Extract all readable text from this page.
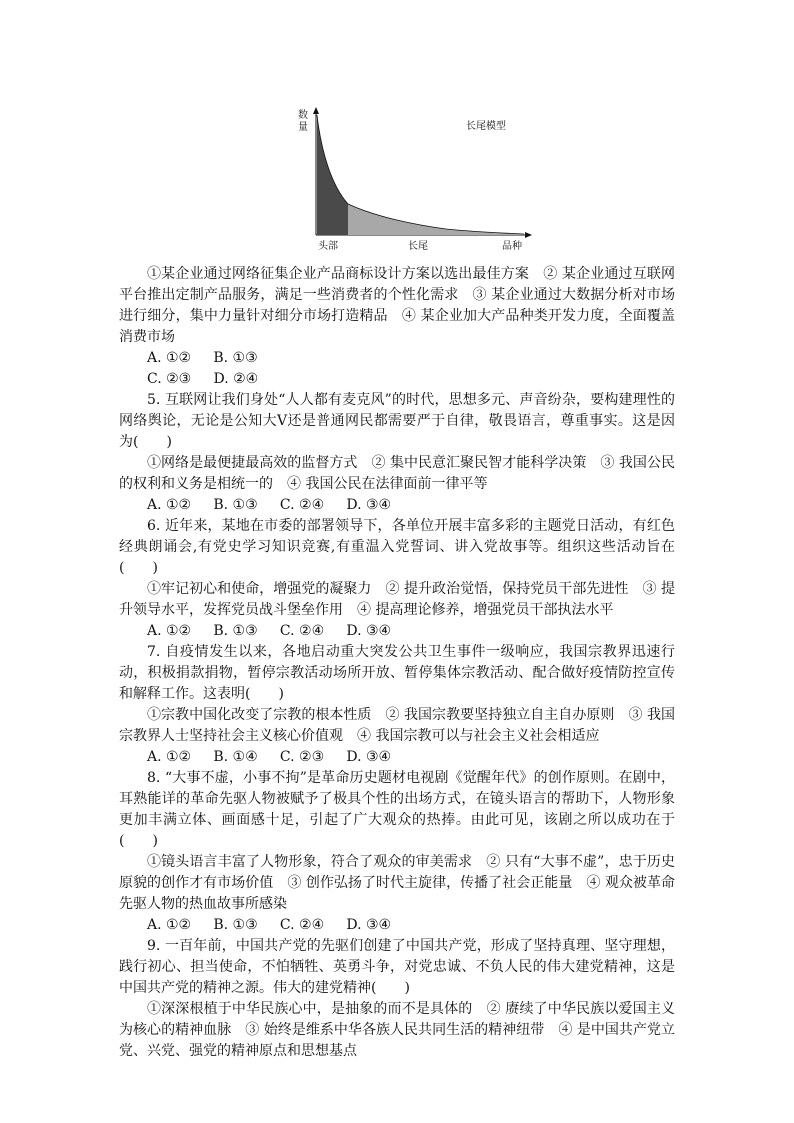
数
量	长尾模型
头部	长尾	品种

①某企业通过网络征集企业产品商标设计方案以选出最佳方案　② 某企业通过互联网平台推出定制产品服务，满足一些消费者的个性化需求　③ 某企业通过大数据分析对市场进行细分，集中力量针对细分市场打造精品　④ 某企业加大产品种类开发力度，全面覆盖消费市场

A. ①②     B. ①③

C. ②③     D. ②④

5. 互联网让我们身处“人人都有麦克风”的时代，思想多元、声音纷杂，要构建理性的网络舆论，无论是公知大V还是普通网民都需要严于自律，敬畏语言，尊重事实。这是因为(　　)

①网络是最便捷最高效的监督方式　② 集中民意汇聚民智才能科学决策　③ 我国公民的权利和义务是相统一的　④ 我国公民在法律面前一律平等

A. ①②     B. ①③     C. ②④     D. ③④

6. 近年来，某地在市委的部署领导下，各单位开展丰富多彩的主题党日活动，有红色经典朗诵会,有党史学习知识竞赛,有重温入党誓词、讲入党故事等。组织这些活动旨在(　　)

①牢记初心和使命，增强党的凝聚力　② 提升政治觉悟，保持党员干部先进性　③ 提升领导水平，发挥党员战斗堡垒作用　④ 提高理论修养，增强党员干部执法水平

A. ①②     B. ①③     C. ②④     D. ③④

7. 自疫情发生以来，各地启动重大突发公共卫生事件一级响应，我国宗教界迅速行动，积极捐款捐物，暂停宗教活动场所开放、暂停集体宗教活动、配合做好疫情防控宣传和解释工作。这表明(　　)

①宗教中国化改变了宗教的根本性质　② 我国宗教要坚持独立自主自办原则　③ 我国宗教界人士坚持社会主义核心价值观　④ 我国宗教可以与社会主义社会相适应

A. ①②     B. ①④     C. ②③     D. ③④

8. “大事不虚，小事不拘”是革命历史题材电视剧《觉醒年代》的创作原则。在剧中，耳熟能详的革命先驱人物被赋予了极具个性的出场方式，在镜头语言的帮助下，人物形象更加丰满立体、画面感十足，引起了广大观众的热捧。由此可见，该剧之所以成功在于(　　)

①镜头语言丰富了人物形象，符合了观众的审美需求　② 只有“大事不虚”，忠于历史原貌的创作才有市场价值　③ 创作弘扬了时代主旋律，传播了社会正能量　④ 观众被革命先驱人物的热血故事所感染

A. ①②     B. ①③     C. ②④     D. ③④

9. 一百年前，中国共产党的先驱们创建了中国共产党，形成了坚持真理、坚守理想，践行初心、担当使命，不怕牺牲、英勇斗争，对党忠诚、不负人民的伟大建党精神，这是中国共产党的精神之源。伟大的建党精神(　　)

①深深根植于中华民族心中，是抽象的而不是具体的　② 赓续了中华民族以爱国主义为核心的精神血脉　③ 始终是维系中华各族人民共同生活的精神纽带　④ 是中国共产党立党、兴党、强党的精神原点和思想基点
